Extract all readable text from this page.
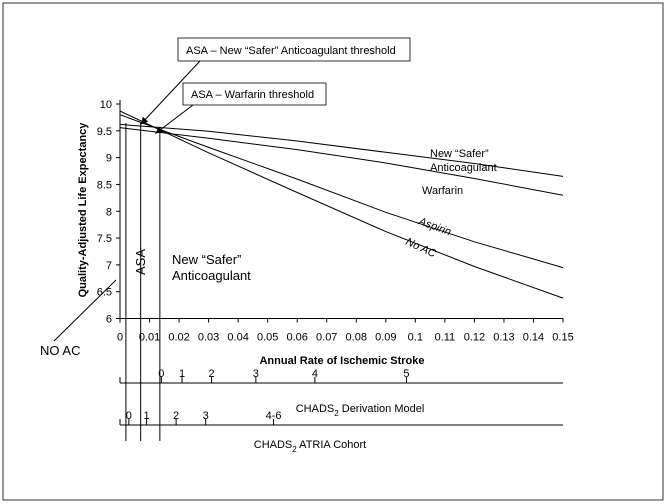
6
6.5
7
7.5
8
8.5
9
9.5
10
0 0.01 0.02 0.03 0.04 0.05 0.06 0.07 0.08 0.09 0.1 0.11 0.12 0.13 0.14 0.15
New “Safer”
Anticoagulant
Warfarin
Aspirin
No AC
NO AC
ASA New “Safer”
Anticoagulant
ASA – New “Safer” Anticoagulant threshold
ASA – Warfarin threshold
0 1 2	3	4	5
$CHADS_2$ Derivation Model
0 1 2 3	4-6
$CHADS_2$ ATRIA Cohort
Quality-Adjusted Life Expectancy
Annual Rate of Ischemic Stroke
